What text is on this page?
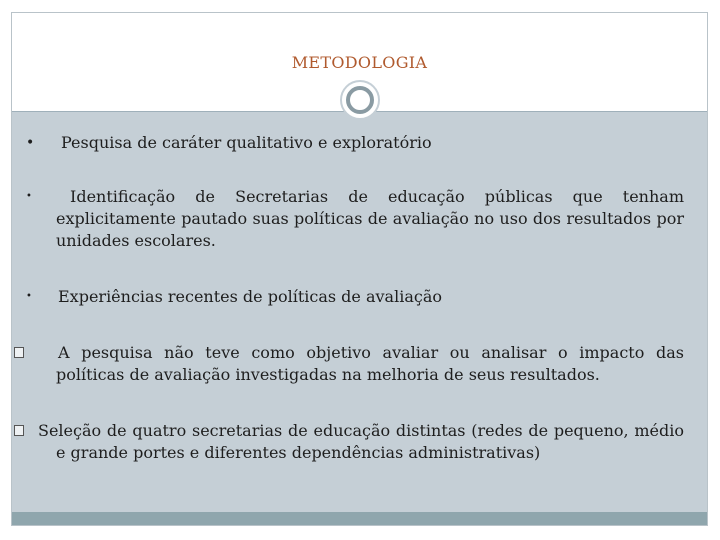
METODOLOGIA
•	Pesquisa de caráter qualitativo e exploratório
•	Identificação de Secretarias de educação públicas que tenham explicitamente pautado suas políticas de avaliação no uso dos resultados por unidades escolares.
•	Experiências recentes de políticas de avaliação
A pesquisa não teve como objetivo avaliar ou analisar o impacto das políticas de avaliação investigadas na melhoria de seus resultados.
Seleção de quatro secretarias de educação distintas (redes de pequeno, médio e grande portes e diferentes dependências administrativas)
